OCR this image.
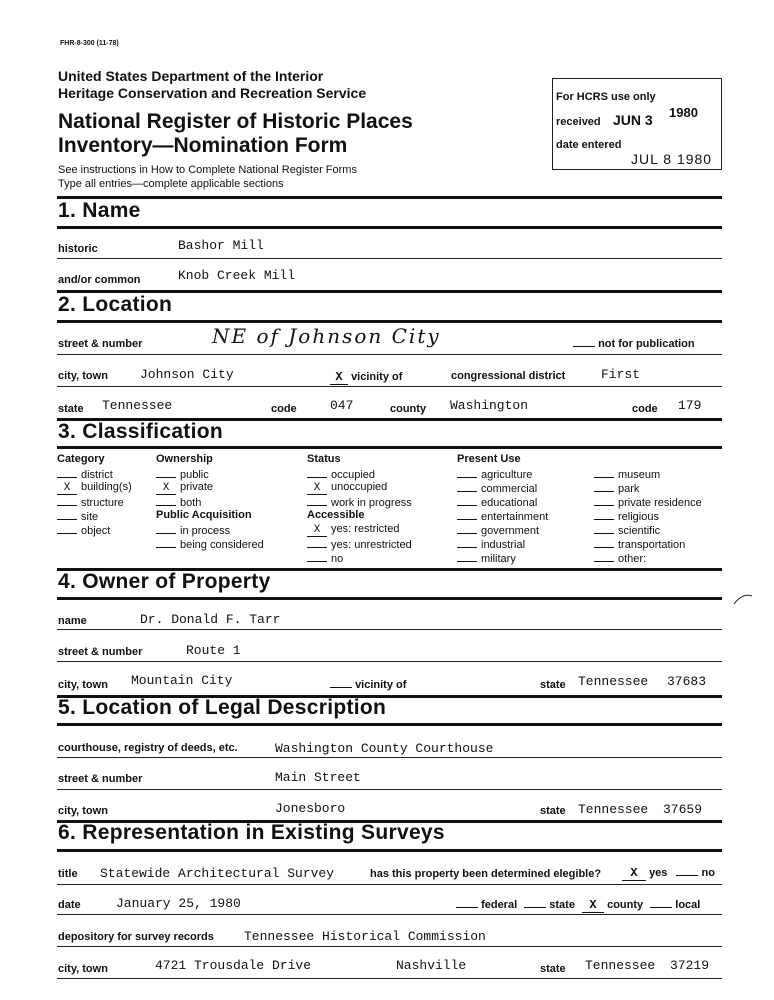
FHR-8-300 (11-78)
United States Department of the Interior
Heritage Conservation and Recreation Service
National Register of Historic Places
Inventory—Nomination Form
See instructions in How to Complete National Register Forms
Type all entries—complete applicable sections
For HCRS use only
received JUN 3 1980
date entered
JUL 8 1980
1. Name
historic	Bashor Mill
and/or common	Knob Creek Mill
2. Location
street & number	NE of Johnson City	not for publication
city, town Johnson City	X vicinity of	congressional district	First
state Tennessee	code	047	county Washington	code 179
3. Classification
Category
district
X building(s)
structure
site
object
Ownership
public
X private
both
Public Acquisition
in process
being considered
Status
occupied
X unoccupied
work in progress
Accessible
X yes: restricted
yes: unrestricted
no
Present Use
agriculture
commercial
educational
entertainment
government
industrial
military
museum
park
private residence
religious
scientific
transportation
other:
4. Owner of Property
name	Dr. Donald F. Tarr
street & number	Route 1
city, town Mountain City	vicinity of	state Tennessee 37683
5. Location of Legal Description
courthouse, registry of deeds, etc.	Washington County Courthouse
street & number	Main Street
city, town	Jonesboro	state Tennessee 37659
6. Representation in Existing Surveys
title Statewide Architectural Survey	has this property been determined elegible?	X yes	no
date	January 25, 1980	federal	state X county	local
depository for survey records Tennessee Historical Commission
city, town	4721 Trousdale Drive	Nashville	state Tennessee 37219
